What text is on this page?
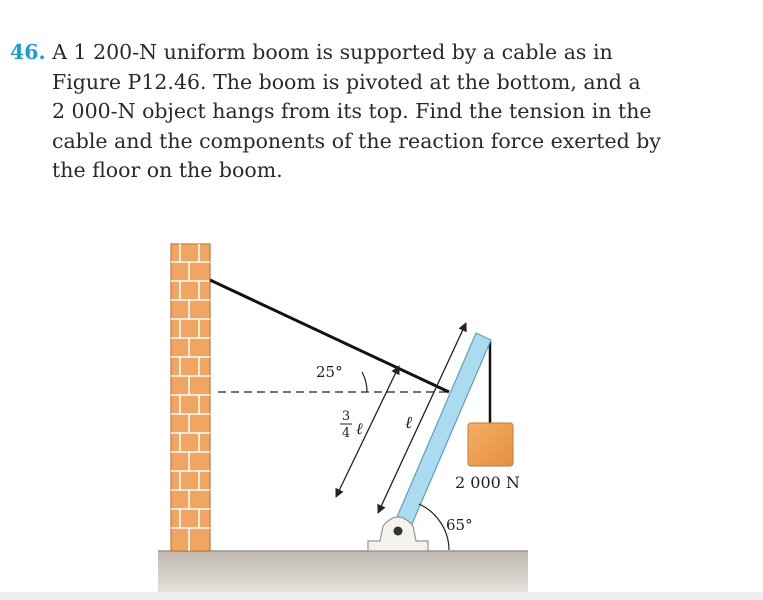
46. A 1 200-N uniform boom is supported by a cable as in
Figure P12.46. The boom is pivoted at the bottom, and a
2 000-N object hangs from its top. Find the tension in the
cable and the components of the reaction force exerted by
the floor on the boom.
25°
2 000 N
65°
ℓ
3
4 ℓ
